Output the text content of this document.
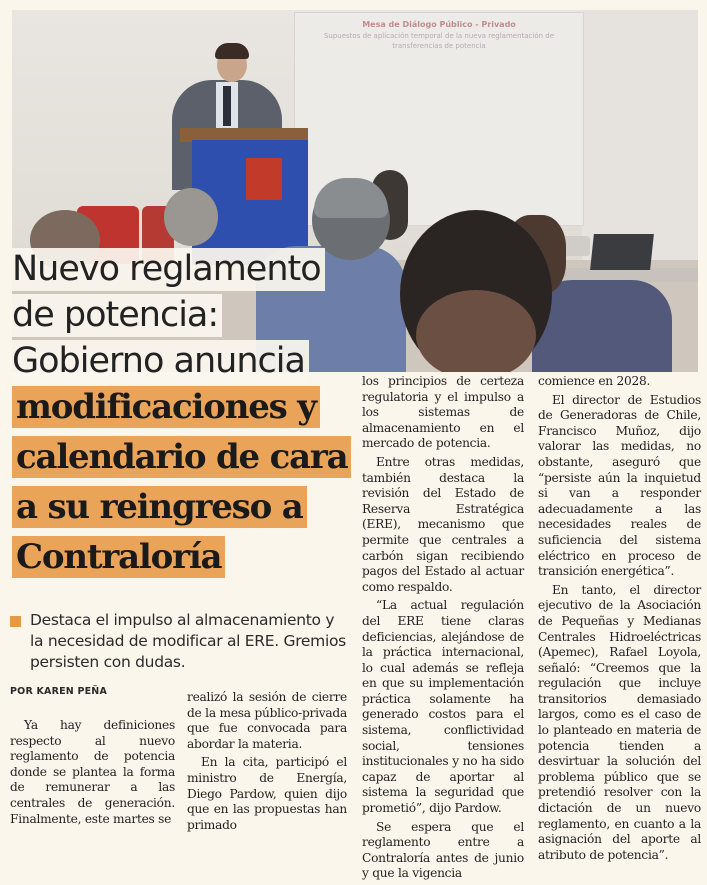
Mesa de Diálogo Público - Privado
Supuestos de aplicación temporal de la nueva reglamentación de transferencias de potencia
Nuevo reglamento
de potencia:
Gobierno anuncia
modificaciones y
calendario de cara
a su reingreso a
Contraloría
Destaca el impulso al almacenamiento y la necesidad de modificar al ERE. Gremios persisten con dudas.
POR KAREN PEÑA

Ya hay definiciones respecto al nuevo reglamento de potencia donde se plantea la forma de remunerar a las centrales de generación. Finalmente, este martes se

realizó la sesión de cierre de la mesa público-privada que fue convocada para abordar la materia.

En la cita, participó el ministro de Energía, Diego Pardow, quien dijo que en las propuestas han primado

los principios de certeza regulatoria y el impulso a los sistemas de almacenamiento en el mercado de potencia.

Entre otras medidas, también destaca la revisión del Estado de Reserva Estratégica (ERE), mecanismo que permite que centrales a carbón sigan recibiendo pagos del Estado al actuar como respaldo.

“La actual regulación del ERE tiene claras deficiencias, alejándose de la práctica internacional, lo cual además se refleja en que su implementación práctica solamente ha generado costos para el sistema, conflictividad social, tensiones institucionales y no ha sido capaz de aportar al sistema la seguridad que prometió”, dijo Pardow.

Se espera que el reglamento entre a Contraloría antes de junio y que la vigencia

comience en 2028.

El director de Estudios de Generadoras de Chile, Francisco Muñoz, dijo valorar las medidas, no obstante, aseguró que “persiste aún la inquietud si van a responder adecuadamente a las necesidades reales de suficiencia del sistema eléctrico en proceso de transición energética”.

En tanto, el director ejecutivo de la Asociación de Pequeñas y Medianas Centrales Hidroeléctricas (Apemec), Rafael Loyola, señaló: “Creemos que la regulación que incluye transitorios demasiado largos, como es el caso de lo planteado en materia de potencia tienden a desvirtuar la solución del problema público que se pretendió resolver con la dictación de un nuevo reglamento, en cuanto a la asignación del aporte al atributo de potencia”.
